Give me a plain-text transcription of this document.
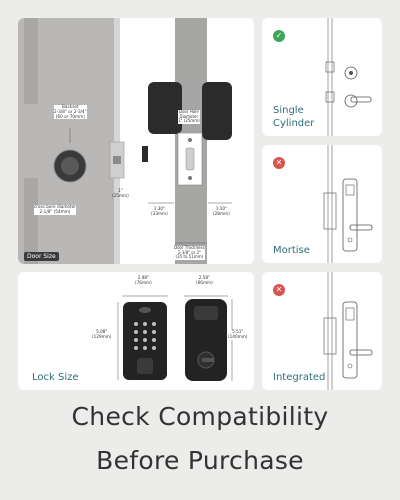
Backset
2-3/8" or 2-3/4"
(60 or 70mm)
cross bore diameter
2-1/8" (54mm)
1"
(25mm)
Door Hole
Diameter
1" (25mm)
1.30"
(33mm)
1.10"
(28mm)
Door Thickness
1-3/8" or 2"
(35 to 51mm)
Door Size
2.98"
(76mm)
2.58"
(66mm)
5.08"
(129mm)
5.51"
(140mm)
Lock Size
✓
Single
Cylinder
✕
Mortise
✕
Integrated
Check Compatibility
Before Purchase
